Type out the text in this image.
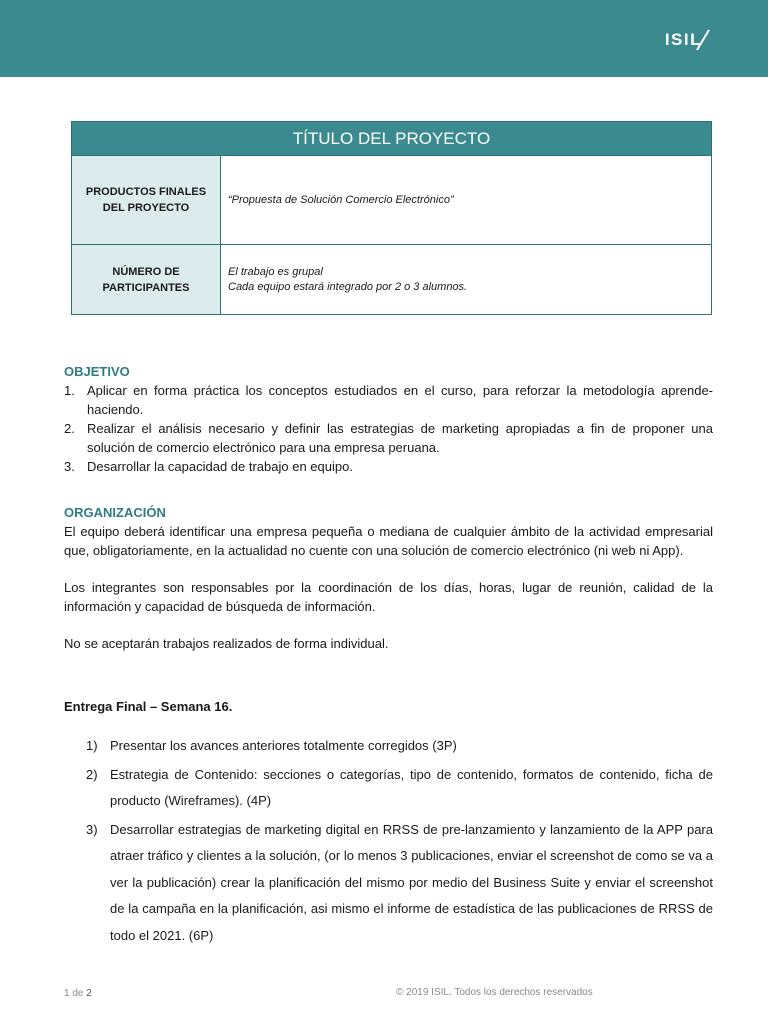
ISIL
TÍTULO DEL PROYECTO	
PRODUCTOS FINALES
DEL PROYECTO	“Propuesta de Solución Comercio Electrónico”
NÚMERO DE
PARTICIPANTES	El trabajo es grupal
Cada equipo estará integrado por 2 o 3 alumnos.
OBJETIVO
1. Aplicar en forma práctica los conceptos estudiados en el curso, para reforzar la metodología aprende-haciendo.
2. Realizar el análisis necesario y definir las estrategias de marketing apropiadas a fin de proponer una solución de comercio electrónico para una empresa peruana.
3. Desarrollar la capacidad de trabajo en equipo.
ORGANIZACIÓN

El equipo deberá identificar una empresa pequeña o mediana de cualquier ámbito de la actividad empresarial que, obligatoriamente, en la actualidad no cuente con una solución de comercio electrónico (ni web ni App).

Los integrantes son responsables por la coordinación de los días, horas, lugar de reunión, calidad de la información y capacidad de búsqueda de información.

No se aceptarán trabajos realizados de forma individual.

Entrega Final – Semana 16.
1) Presentar los avances anteriores totalmente corregidos (3P)
2) Estrategia de Contenido: secciones o categorías, tipo de contenido, formatos de contenido, ficha de producto (Wireframes). (4P)
3) Desarrollar estrategias de marketing digital en RRSS de pre-lanzamiento y lanzamiento de la APP para atraer tráfico y clientes a la solución, (or lo menos 3 publicaciones, enviar el screenshot de como se va a ver la publicación) crear la planificación del mismo por medio del Business Suite y enviar el screenshot de la campaña en la planificación, asi mismo el informe de estadística de las publicaciones de RRSS de todo el 2021. (6P)
1 de 2	© 2019 ISIL. Todos los derechos reservados
